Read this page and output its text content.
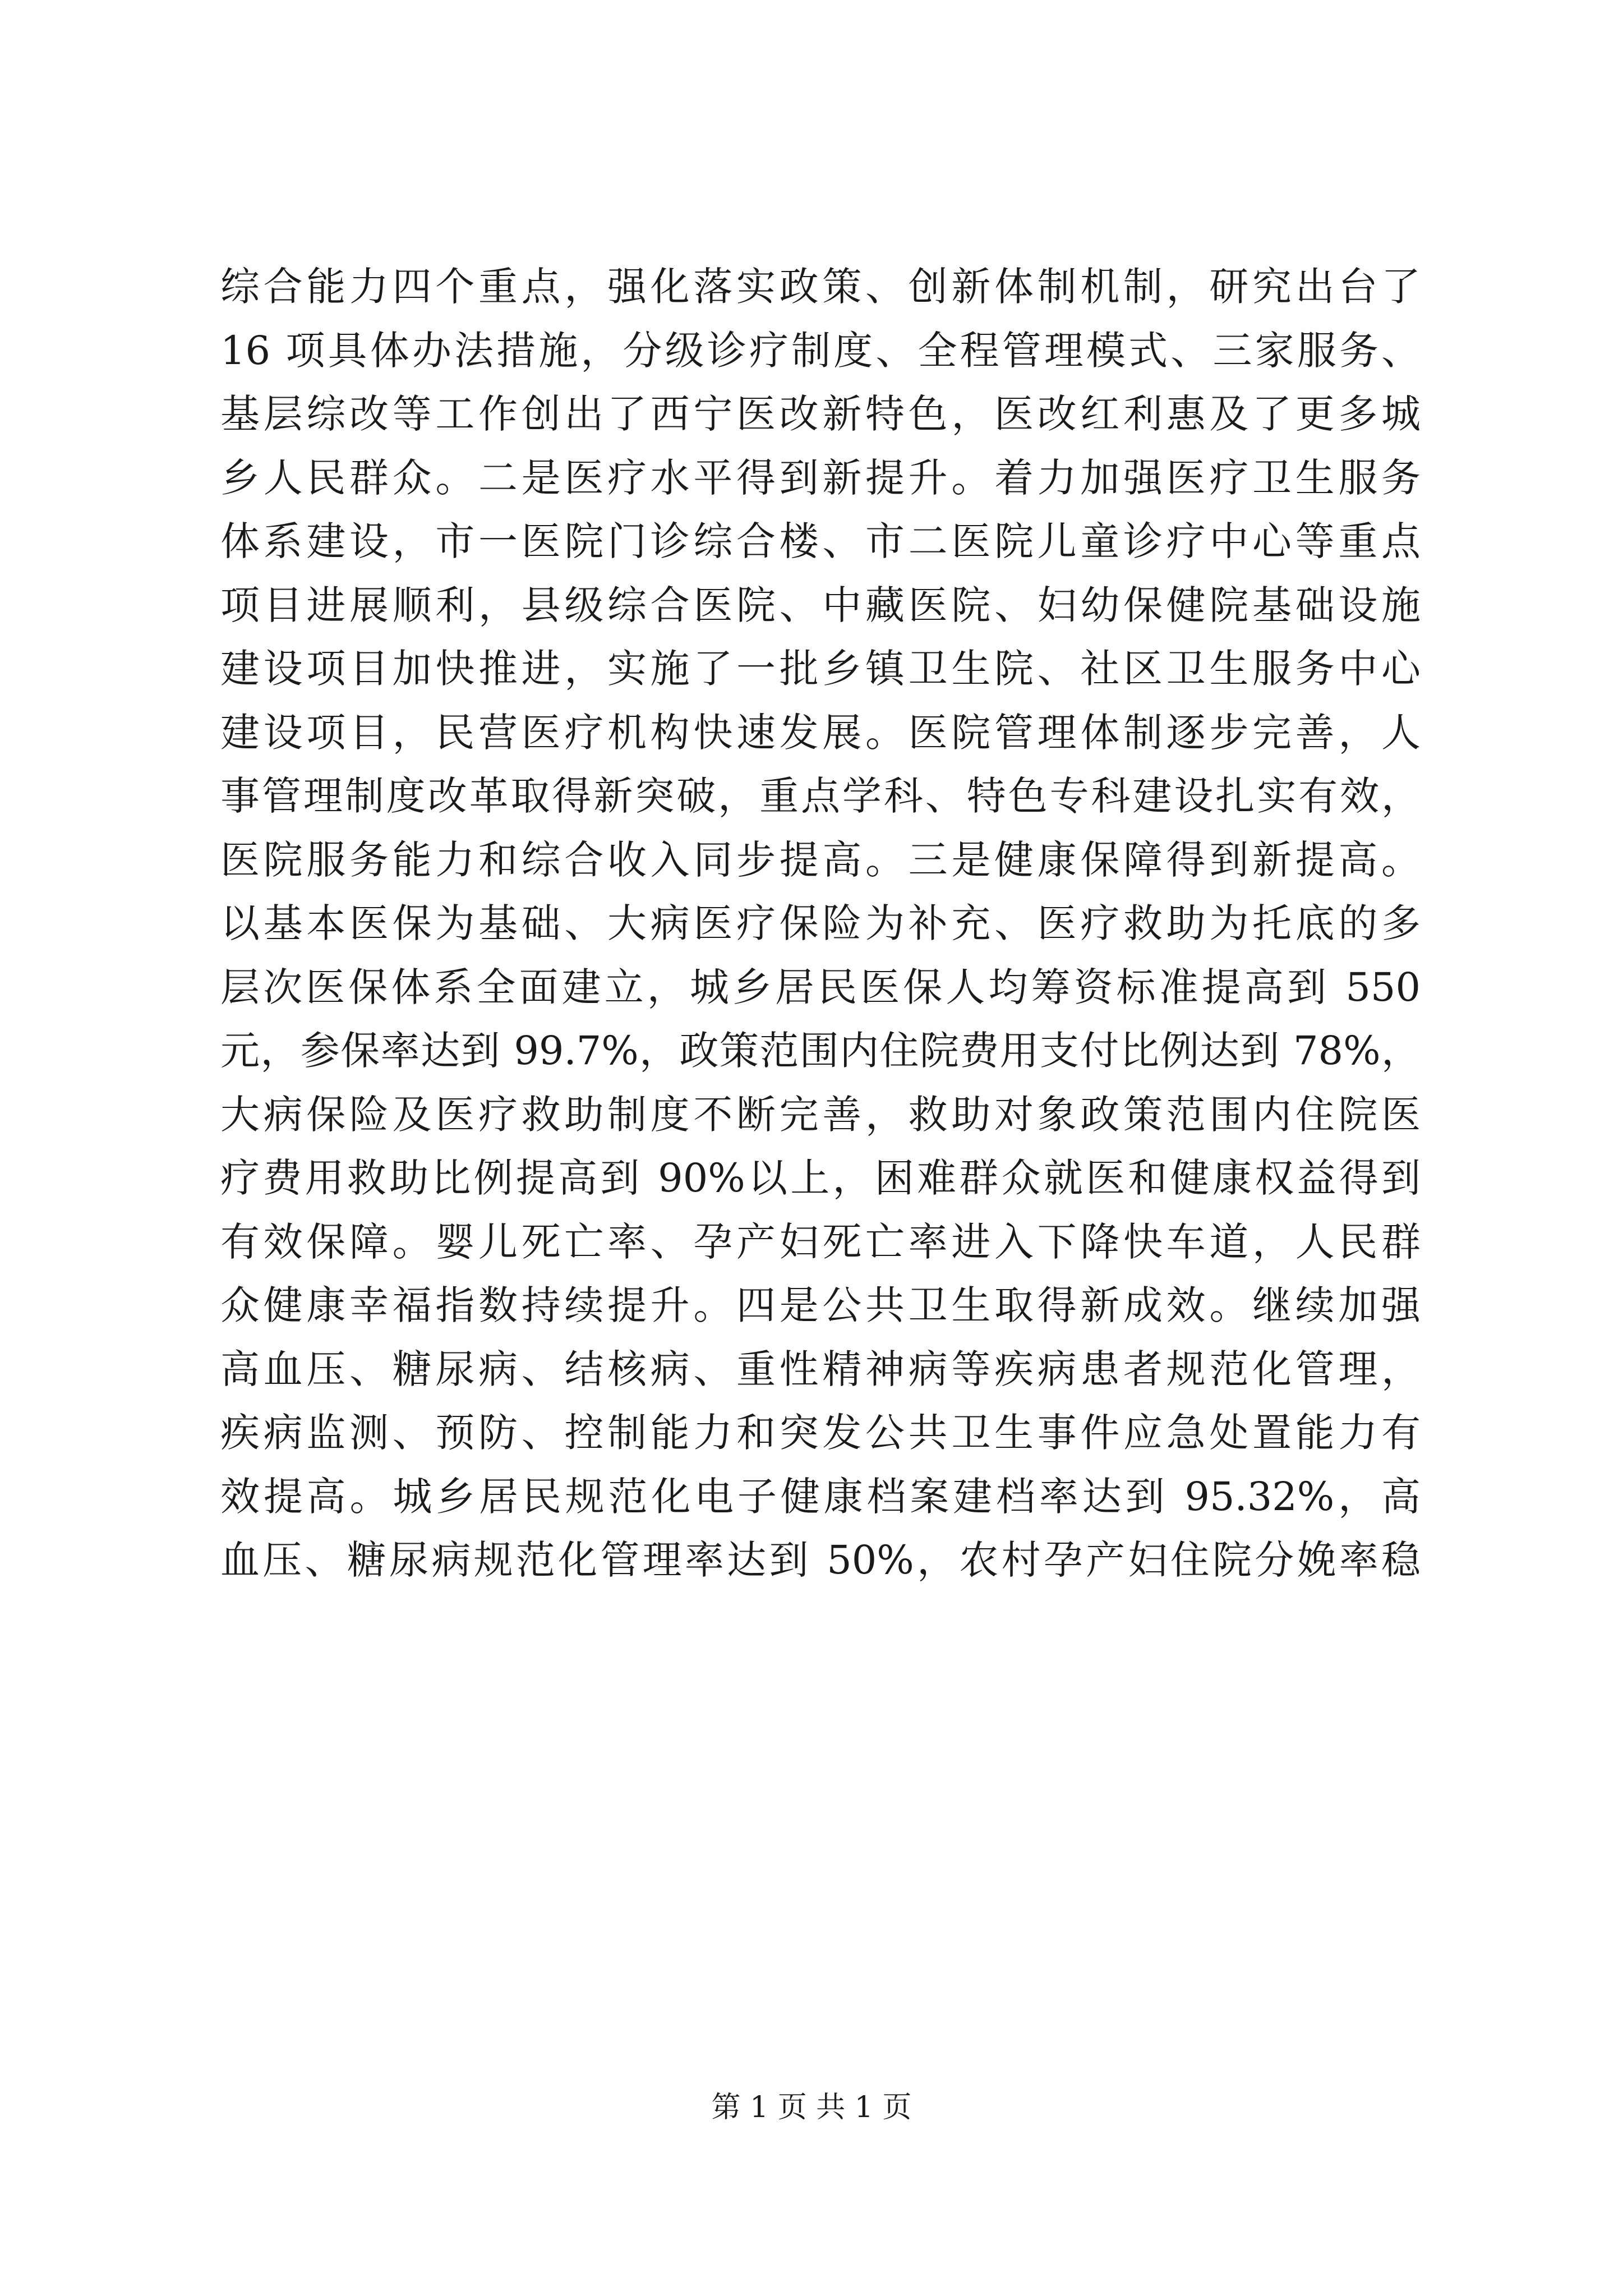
综合能力四个重点，强化落实政策、创新体制机制，研究出台了
16 项具体办法措施，分级诊疗制度、全程管理模式、三家服务、
基层综改等工作创出了西宁医改新特色，医改红利惠及了更多城
乡人民群众。二是医疗水平得到新提升。着力加强医疗卫生服务
体系建设，市一医院门诊综合楼、市二医院儿童诊疗中心等重点
项目进展顺利，县级综合医院、中藏医院、妇幼保健院基础设施
建设项目加快推进，实施了一批乡镇卫生院、社区卫生服务中心
建设项目，民营医疗机构快速发展。医院管理体制逐步完善，人
事管理制度改革取得新突破，重点学科、特色专科建设扎实有效，
医院服务能力和综合收入同步提高。三是健康保障得到新提高。
以基本医保为基础、大病医疗保险为补充、医疗救助为托底的多
层次医保体系全面建立，城乡居民医保人均筹资标准提高到 550
元，参保率达到 99.7%，政策范围内住院费用支付比例达到 78%，
大病保险及医疗救助制度不断完善，救助对象政策范围内住院医
疗费用救助比例提高到 90%以上，困难群众就医和健康权益得到
有效保障。婴儿死亡率、孕产妇死亡率进入下降快车道，人民群
众健康幸福指数持续提升。四是公共卫生取得新成效。继续加强
高血压、糖尿病、结核病、重性精神病等疾病患者规范化管理，
疾病监测、预防、控制能力和突发公共卫生事件应急处置能力有
效提高。城乡居民规范化电子健康档案建档率达到 95.32%，高
血压、糖尿病规范化管理率达到 50%，农村孕产妇住院分娩率稳
第 1 页 共 1 页
